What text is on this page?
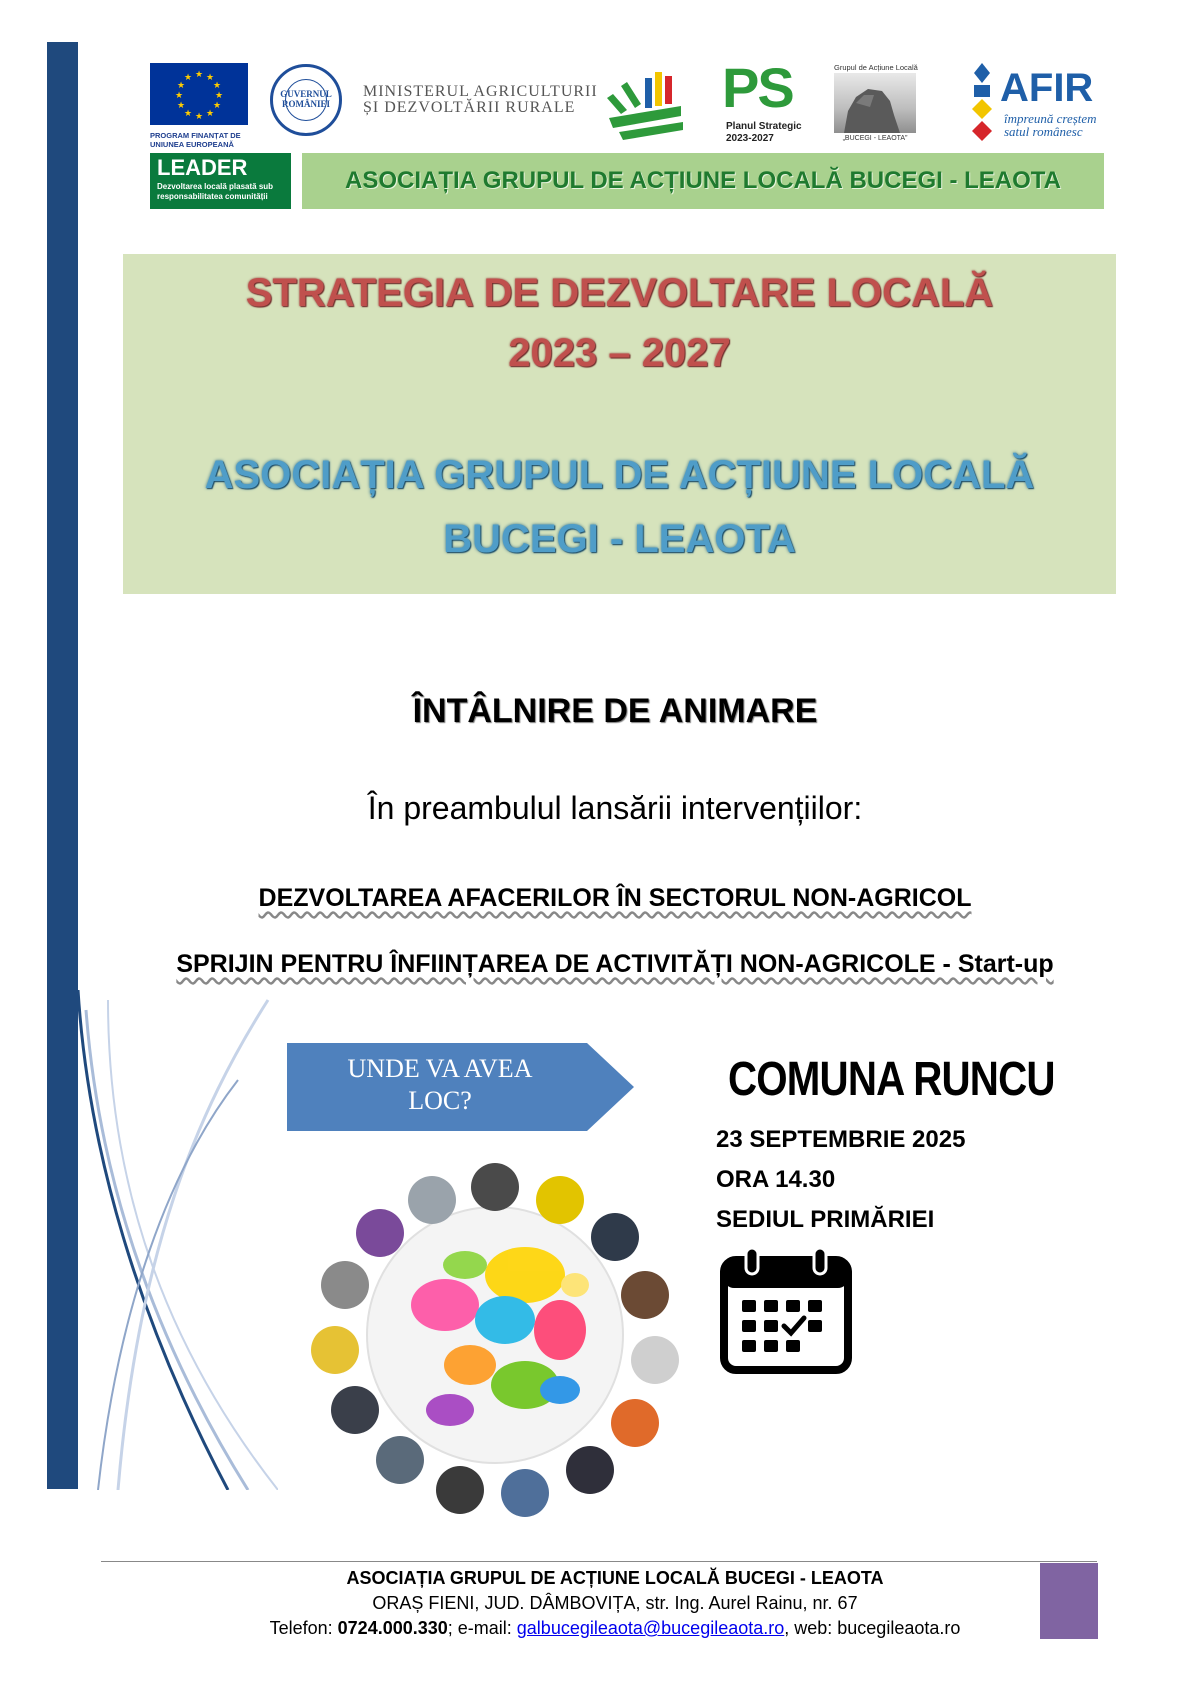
★ ★
★
★
★
★
★
★
★
★
★
★
PROGRAM FINANȚAT DE UNIUNEA EUROPEANĂ
GUVERNUL ROMÂNIEI
MINISTERUL AGRICULTURII
ȘI DEZVOLTĂRII RURALE	PS
Planul Strategic
2023-2027
Grupul de Acțiune Locală
„BUCEGI - LEAOTA”
AFIR
împreună creștem
satul românesc
LEADER
Dezvoltarea locală plasată sub responsabilitatea comunității
ASOCIAȚIA GRUPUL DE ACȚIUNE LOCALĂ BUCEGI - LEAOTA
STRATEGIA DE DEZVOLTARE LOCALĂ
2023 – 2027
ASOCIAȚIA GRUPUL DE ACȚIUNE LOCALĂ
BUCEGI - LEAOTA
ÎNTÂLNIRE DE ANIMARE
În preambulul lansării intervențiilor:
DEZVOLTAREA AFACERILOR ÎN SECTORUL NON-AGRICOL
SPRIJIN PENTRU ÎNFIINȚAREA DE ACTIVITĂȚI NON-AGRICOLE - Start-up
UNDE VA AVEA
LOC?	COMUNA RUNCU
23 SEPTEMBRIE 2025
ORA 14.30
SEDIUL PRIMĂRIEI
ASOCIAȚIA GRUPUL DE ACȚIUNE LOCALĂ BUCEGI - LEAOTA
ORAȘ FIENI, JUD. DÂMBOVIȚA, str. Ing. Aurel Rainu, nr. 67
Telefon: 0724.000.330; e-mail: galbucegileaota@bucegileaota.ro, web: bucegileaota.ro
